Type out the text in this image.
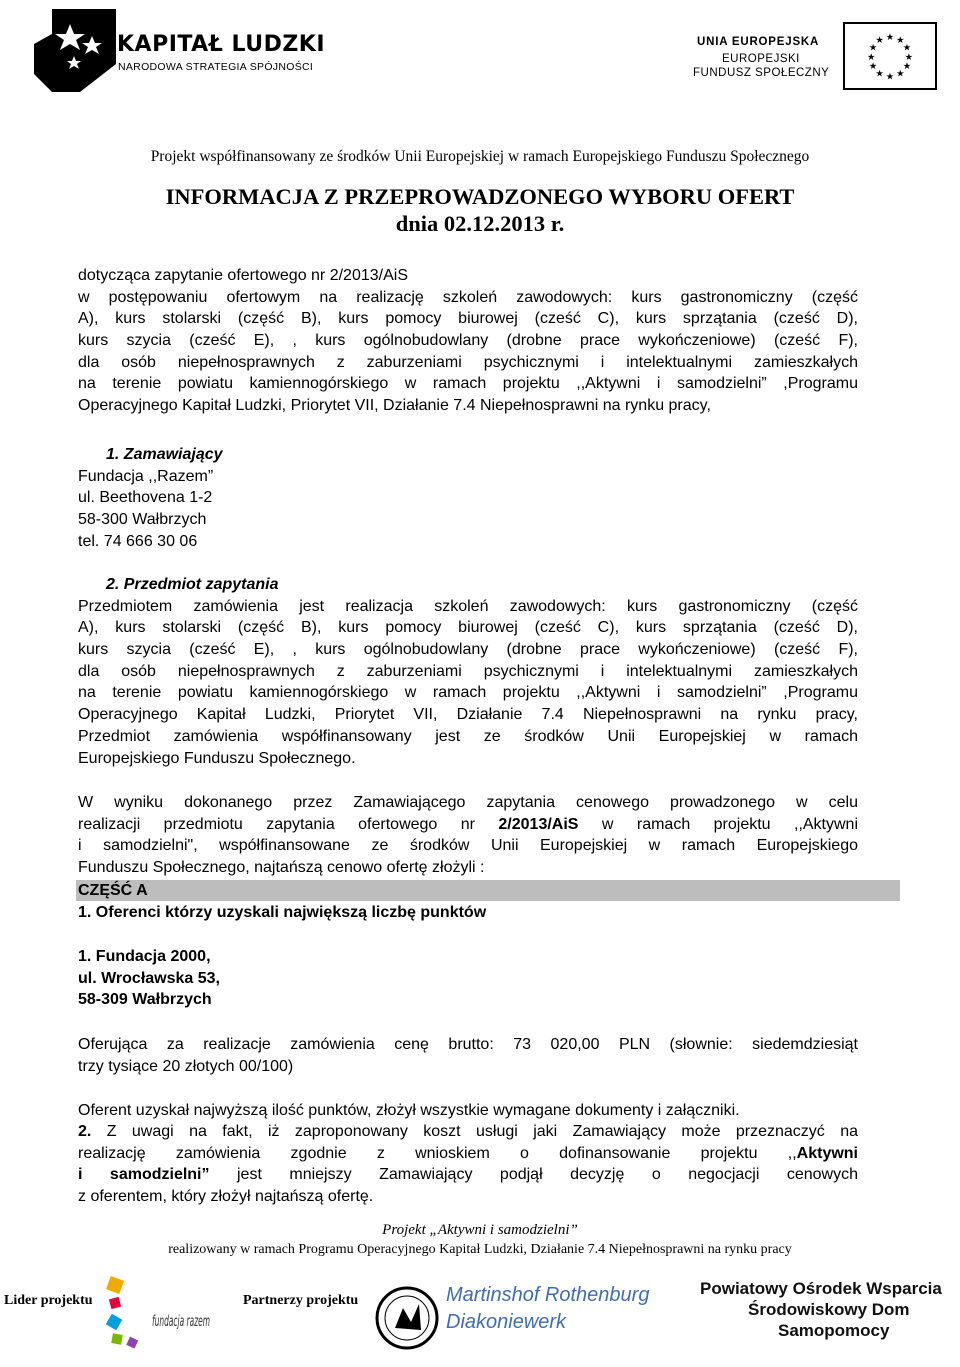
KAPITAŁ LUDZKI
NARODOWA STRATEGIA SPÓJNOŚCI
UNIA EUROPEJSKA
EUROPEJSKI
FUNDUSZ SPOŁECZNY
★ ★
★
★
★
★
★
★
★
★
★
★
Projekt współfinansowany ze środków Unii Europejskiej w ramach Europejskiego Funduszu Społecznego
INFORMACJA Z PRZEPROWADZONEGO WYBORU OFERT
dnia 02.12.2013 r.
dotycząca zapytanie ofertowego nr 2/2013/AiS
w postępowaniu ofertowym na realizację szkoleń zawodowych: kurs gastronomiczny (część
A), kurs stolarski (część B), kurs pomocy biurowej (cześć C), kurs sprzątania (cześć D),
kurs szycia (cześć E), , kurs ogólnobudowlany (drobne prace wykończeniowe) (cześć F),
dla osób niepełnosprawnych z zaburzeniami psychicznymi i intelektualnymi zamieszkałych
na terenie powiatu kamiennogórskiego w ramach projektu ,,Aktywni i samodzielni” ,Programu
Operacyjnego Kapitał Ludzki, Priorytet VII, Działanie 7.4 Niepełnosprawni na rynku pracy,
1. Zamawiający
Fundacja ,,Razem”
ul. Beethovena 1-2
58-300 Wałbrzych
tel. 74 666 30 06
2. Przedmiot zapytania
Przedmiotem zamówienia jest realizacja szkoleń zawodowych: kurs gastronomiczny (część
A), kurs stolarski (część B), kurs pomocy biurowej (cześć C), kurs sprzątania (cześć D),
kurs szycia (cześć E), , kurs ogólnobudowlany (drobne prace wykończeniowe) (cześć F),
dla osób niepełnosprawnych z zaburzeniami psychicznymi i intelektualnymi zamieszkałych
na terenie powiatu kamiennogórskiego w ramach projektu ,,Aktywni i samodzielni” ,Programu
Operacyjnego Kapitał Ludzki, Priorytet VII, Działanie 7.4 Niepełnosprawni na rynku pracy,
Przedmiot zamówienia współfinansowany jest ze środków Unii Europejskiej w ramach
Europejskiego Funduszu Społecznego.
W wyniku dokonanego przez Zamawiającego zapytania cenowego prowadzonego w celu
realizacji przedmiotu zapytania ofertowego nr 2/2013/AiS w ramach projektu ,,Aktywni
i samodzielni", współfinansowane ze środków Unii Europejskiej w ramach Europejskiego
Funduszu Społecznego, najtańszą cenowo ofertę złożyli :
CZĘŚĆ A
1. Oferenci którzy uzyskali największą liczbę punktów
1. Fundacja 2000,
ul. Wrocławska 53,
58-309 Wałbrzych
Oferująca za realizacje zamówienia cenę brutto: 73 020,00 PLN (słownie: siedemdziesiąt
trzy tysiące 20 złotych 00/100)
Oferent uzyskał najwyższą ilość punktów, złożył wszystkie wymagane dokumenty i załączniki.
2. Z uwagi na fakt, iż zaproponowany koszt usługi jaki Zamawiający może przeznaczyć na
realizację zamówienia zgodnie z wnioskiem o dofinansowanie projektu ,,Aktywni
i samodzielni” jest mniejszy Zamawiający podjął decyzję o negocjacji cenowych
z oferentem, który złożył najtańszą ofertę.
Projekt „Aktywni i samodzielni”
realizowany w ramach Programu Operacyjnego Kapitał Ludzki, Działanie 7.4 Niepełnosprawni na rynku pracy
Lider projektu
fundacja razem
Partnerzy projektu	Martinshof Rothenburg
Diakoniewerk
Powiatowy Ośrodek Wsparcia
Środowiskowy Dom
Samopomocy
